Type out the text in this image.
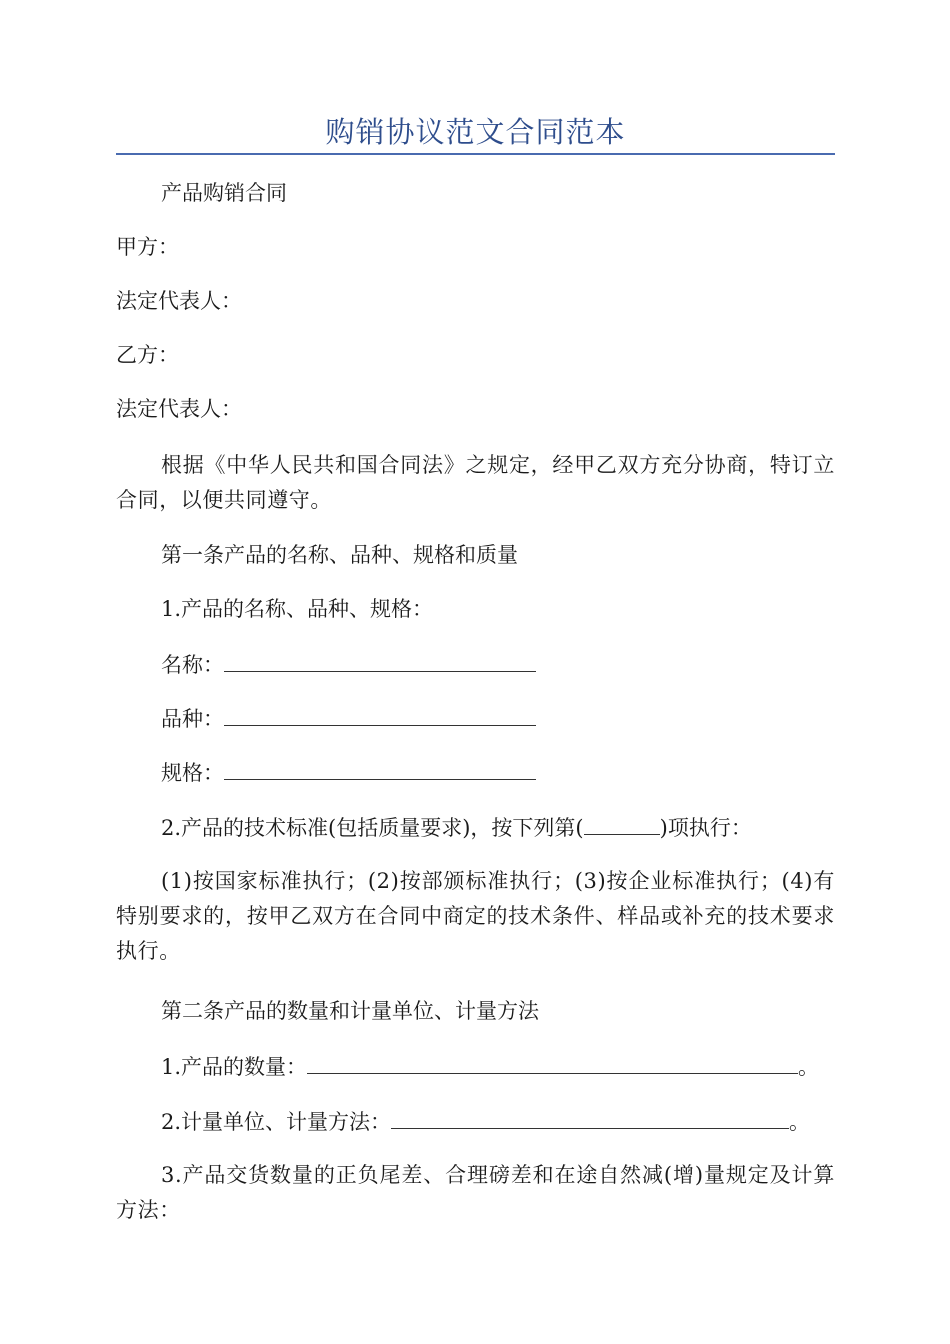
购销协议范文合同范本
产品购销合同
甲方：
法定代表人：
乙方：
法定代表人：
根据《中华人民共和国合同法》之规定，经甲乙双方充分协商，特订立合同，以便共同遵守。
第一条产品的名称、品种、规格和质量
1.产品的名称、品种、规格：
名称：
品种：
规格：
2.产品的技术标准(包括质量要求)，按下列第(	)项执行：
(1)按国家标准执行；(2)按部颁标准执行；(3)按企业标准执行；(4)有特别要求的，按甲乙双方在合同中商定的技术条件、样品或补充的技术要求执行。
第二条产品的数量和计量单位、计量方法
1.产品的数量：	。
2.计量单位、计量方法：	。
3.产品交货数量的正负尾差、合理磅差和在途自然减(增)量规定及计算方法：
